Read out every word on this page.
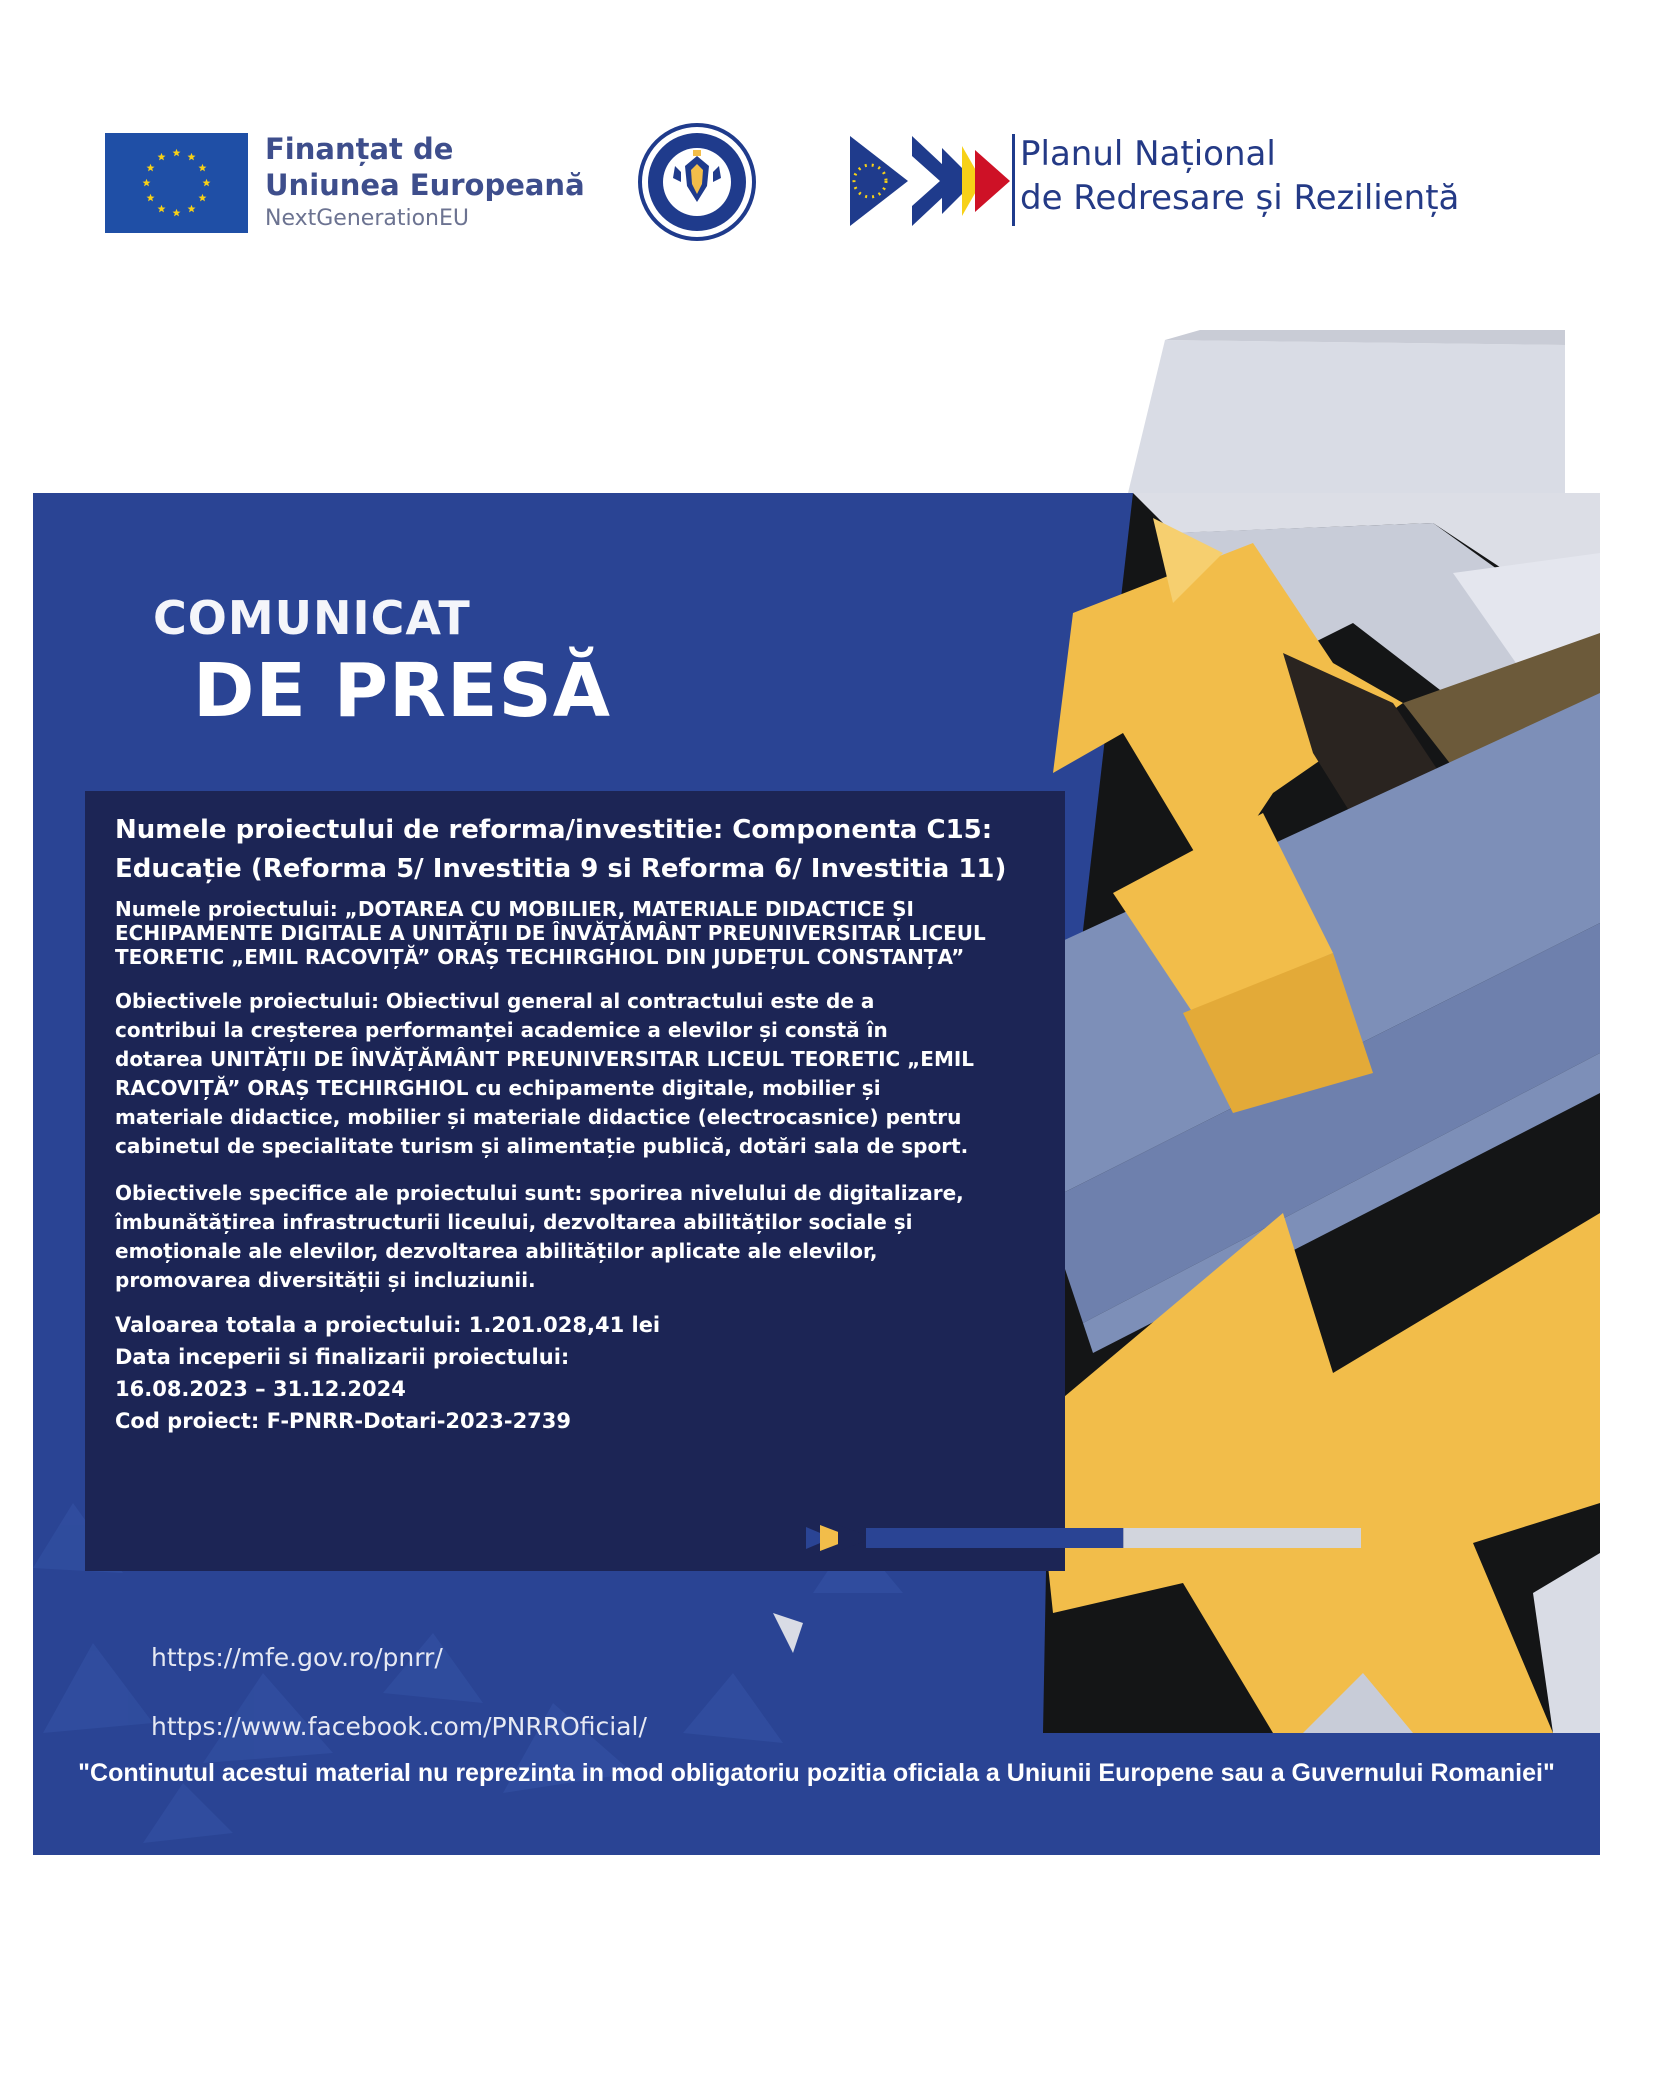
Finanțat de
Uniunea Europeană
NextGenerationEU
Planul Național
de Redresare și Reziliență
COMUNICAT
DE PRESĂ

Numele proiectului de reforma/investitie: Componenta C15: Educație (Reforma 5/ Investitia 9 si Reforma 6/ Investitia 11)

Numele proiectului: „DOTAREA CU MOBILIER, MATERIALE DIDACTICE ȘI ECHIPAMENTE DIGITALE A UNITĂȚII DE ÎNVĂȚĂMÂNT PREUNIVERSITAR LICEUL TEORETIC „EMIL RACOVIȚĂ” ORAȘ TECHIRGHIOL DIN JUDEȚUL CONSTANȚA”

Obiectivele proiectului: Obiectivul general al contractului este de a contribui la creșterea performanței academice a elevilor și constă în dotarea UNITĂȚII DE ÎNVĂȚĂMÂNT PREUNIVERSITAR LICEUL TEORETIC „EMIL RACOVIȚĂ” ORAȘ TECHIRGHIOL cu echipamente digitale, mobilier și materiale didactice, mobilier și materiale didactice (electrocasnice) pentru cabinetul de specialitate turism și alimentație publică, dotări sala de sport.

Obiectivele specifice ale proiectului sunt: sporirea nivelului de digitalizare, îmbunătățirea infrastructurii liceului, dezvoltarea abilităților sociale și emoționale ale elevilor, dezvoltarea abilităților aplicate ale elevilor, promovarea diversității și incluziunii.

Valoarea totala a proiectului: 1.201.028,41 lei
Data inceperii si finalizarii proiectului:
16.08.2023 – 31.12.2024
Cod proiect: F-PNRR-Dotari-2023-2739
https://mfe.gov.ro/pnrr/
https://www.facebook.com/PNRROficial/
"Continutul acestui material nu reprezinta in mod obligatoriu pozitia oficiala a Uniunii Europene sau a Guvernului Romaniei"
